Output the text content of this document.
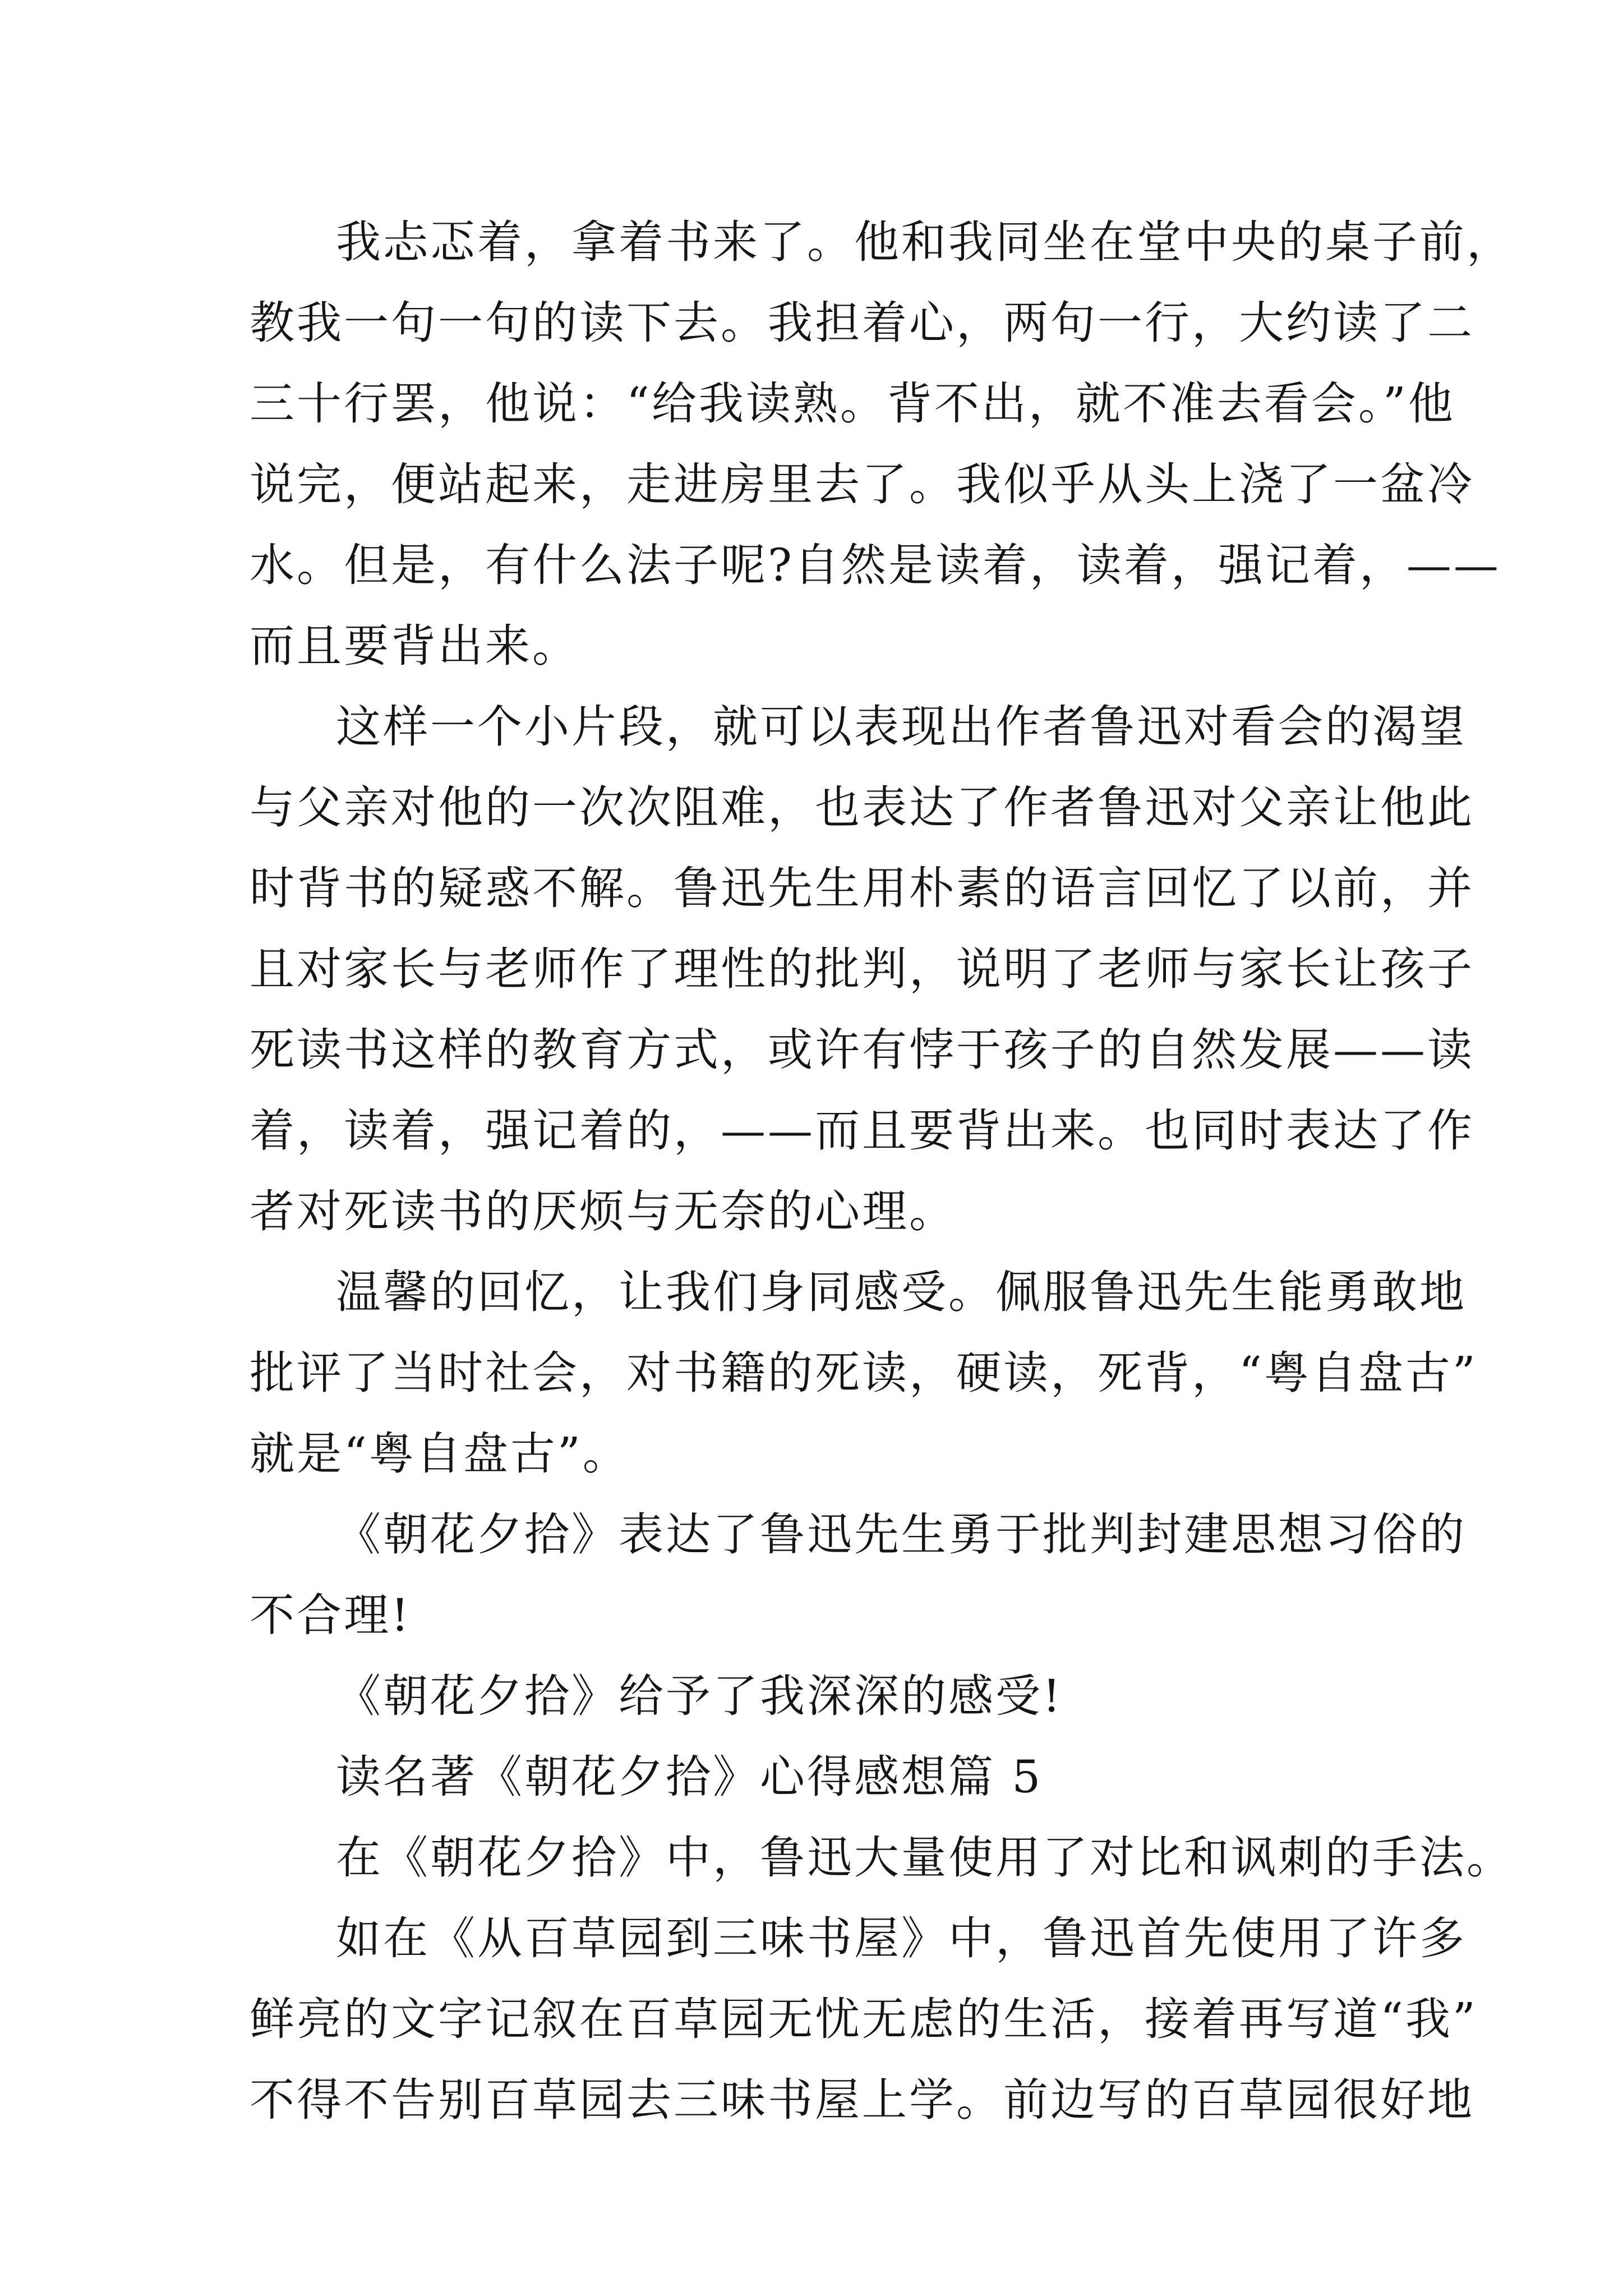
我忐忑着，拿着书来了。他和我同坐在堂中央的桌子前，
教我一句一句的读下去。我担着心，两句一行，大约读了二
三十行罢，他说：“给我读熟。背不出，就不准去看会。”他
说完，便站起来，走进房里去了。我似乎从头上浇了一盆冷
水。但是，有什么法子呢?自然是读着，读着，强记着，——
而且要背出来。
这样一个小片段，就可以表现出作者鲁迅对看会的渴望
与父亲对他的一次次阻难，也表达了作者鲁迅对父亲让他此
时背书的疑惑不解。鲁迅先生用朴素的语言回忆了以前，并
且对家长与老师作了理性的批判，说明了老师与家长让孩子
死读书这样的教育方式，或许有悖于孩子的自然发展——读
着，读着，强记着的，——而且要背出来。也同时表达了作
者对死读书的厌烦与无奈的心理。
温馨的回忆，让我们身同感受。佩服鲁迅先生能勇敢地
批评了当时社会，对书籍的死读，硬读，死背，“粤自盘古”
就是“粤自盘古”。
《朝花夕拾》表达了鲁迅先生勇于批判封建思想习俗的
不合理!
《朝花夕拾》给予了我深深的感受!
读名著《朝花夕拾》心得感想篇 5
在《朝花夕拾》中，鲁迅大量使用了对比和讽刺的手法。
如在《从百草园到三味书屋》中，鲁迅首先使用了许多
鲜亮的文字记叙在百草园无忧无虑的生活，接着再写道“我”
不得不告别百草园去三味书屋上学。前边写的百草园很好地
